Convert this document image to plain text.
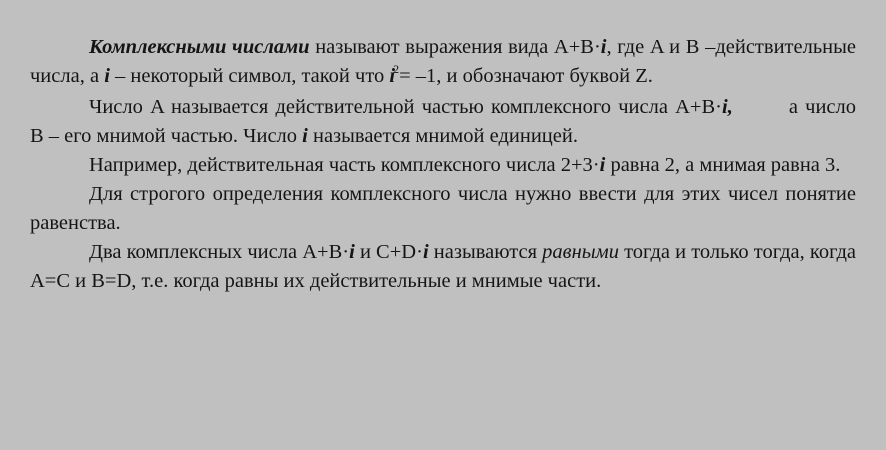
Комплексными числами называют выражения вида A+B·i, где A и B –действительные числа, а i – некоторый символ, такой что $i^2= -1$, и обозначают буквой Z.

Число A называется действительной частью комплексного числа A+B·i,	а число B – его мнимой частью. Число i называется мнимой единицей.

Например, действительная часть комплексного числа 2+3·i равна 2, а мнимая равна 3.

Для строгого определения комплексного числа нужно ввести для этих чисел понятие равенства.

Два комплексных числа A+B·i и C+D·i называются равными тогда и только тогда, когда A=C и B=D, т.е. когда равны их действительные и мнимые части.
